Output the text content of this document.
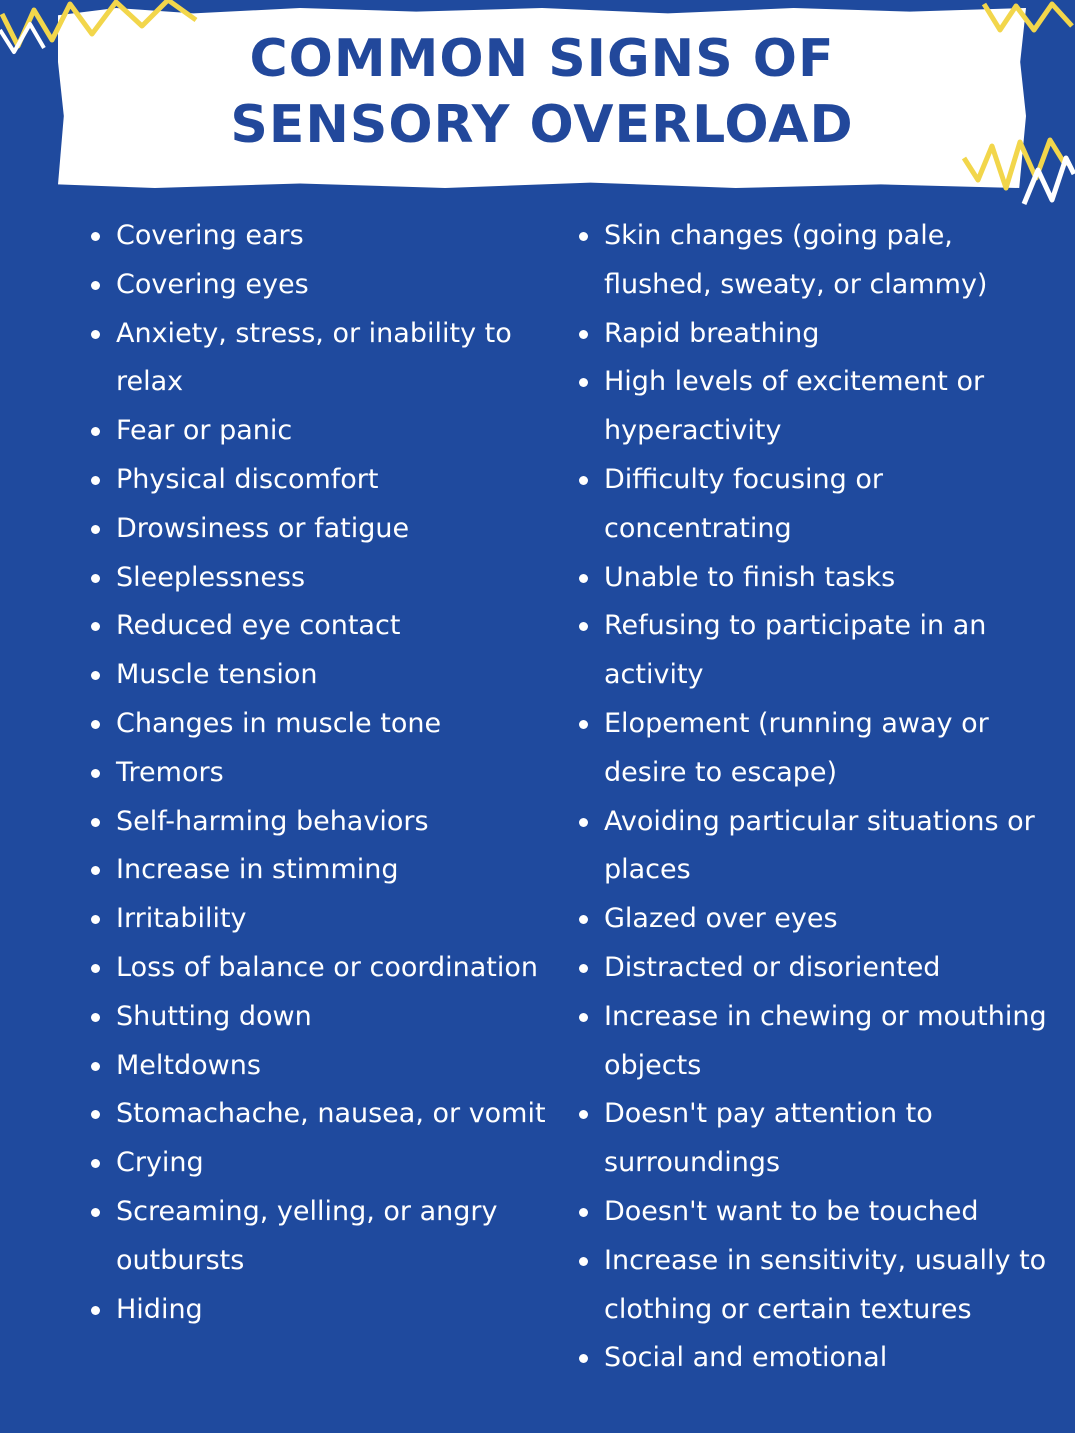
COMMON SIGNS OF
SENSORY OVERLOAD
Covering ears
Covering eyes
Anxiety, stress, or inability to relax
Fear or panic
Physical discomfort
Drowsiness or fatigue
Sleeplessness
Reduced eye contact
Muscle tension
Changes in muscle tone
Tremors
Self-harming behaviors
Increase in stimming
Irritability
Loss of balance or coordination
Shutting down
Meltdowns
Stomachache, nausea, or vomit
Crying
Screaming, yelling, or angry outbursts
Hiding
Skin changes (going pale, flushed, sweaty, or clammy)
Rapid breathing
High levels of excitement or hyperactivity
Difficulty focusing or concentrating
Unable to finish tasks
Refusing to participate in an activity
Elopement (running away or desire to escape)
Avoiding particular situations or places
Glazed over eyes
Distracted or disoriented
Increase in chewing or mouthing objects
Doesn't pay attention to surroundings
Doesn't want to be touched
Increase in sensitivity, usually to clothing or certain textures
Social and emotional
